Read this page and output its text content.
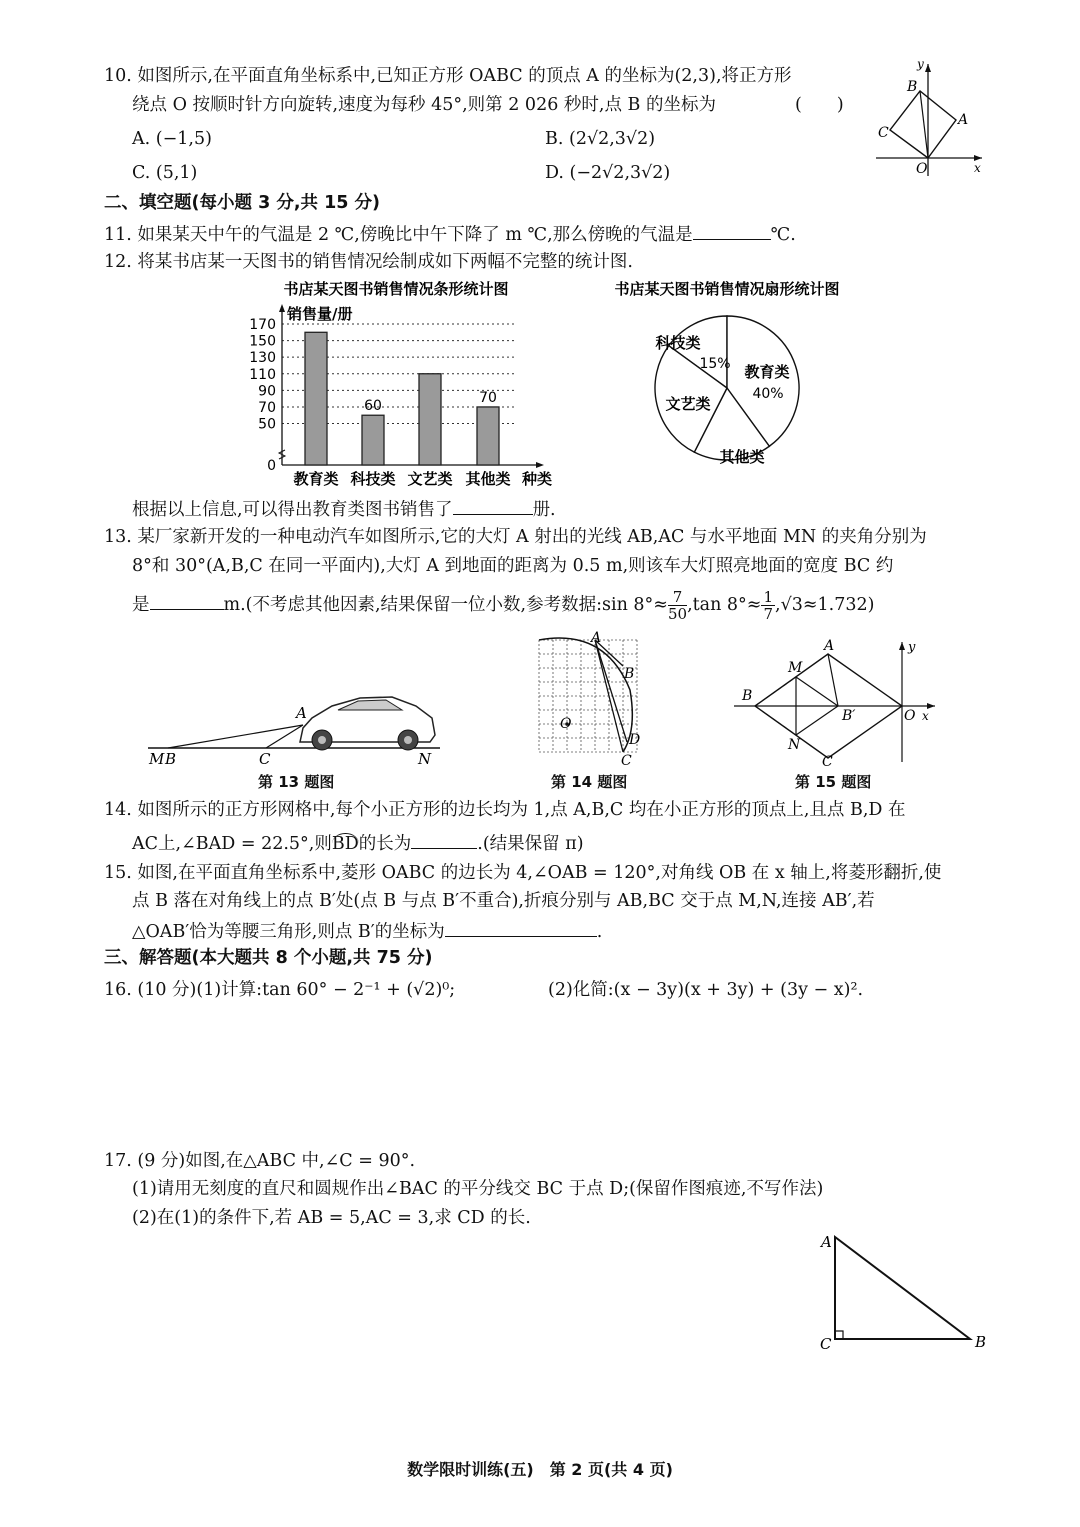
10. 如图所示,在平面直角坐标系中,已知正方形 OABC 的顶点 A 的坐标为(2,3),将正方形
绕点 O 按顺时针方向旋转,速度为每秒 45°,则第 2 026 秒时,点 B 的坐标为	(　　)
A. (−1,5)	B. (2√2,3√2)
C. (5,1)	D. (−2√2,3√2)
y
x
O
A
B
C
二、填空题(每小题 3 分,共 15 分)
11. 如果某天中午的气温是 2 ℃,傍晚比中午下降了 m ℃,那么傍晚的气温是	℃.
12. 将某书店某一天图书的销售情况绘制成如下两幅不完整的统计图.
书店某天图书销售情况条形统计图
销售量/册
种类
0
50
70
90
110
130
150
170
教育类 科技类 文艺类 其他类
60
70
书店某天图书销售情况扇形统计图
科技类
15% 教育类
40%
其他类
文艺类
根据以上信息,可以得出教育类图书销售了	册.
13. 某厂家新开发的一种电动汽车如图所示,它的大灯 A 射出的光线 AB,AC 与水平地面 MN 的夹角分别为
8°和 30°(A,B,C 在同一平面内),大灯 A 到地面的距离为 0.5 m,则该车大灯照亮地面的宽度 BC 约
是	m.(不考虑其他因素,结果保留一位小数,参考数据:sin $8^\circ\approx \frac{7}{50} ,\tan$ $8^\circ\approx \frac{1}{7} ,√3\approx 1.732$)
M B
A
C	N
A
B
O
C
D
M
A	y
B
B′	O x
N
C
第 13 题图	第 14 题图	第 15 题图
14. 如图所示的正方形网格中,每个小正方形的边长均为 1,点 A,B,C 均在小正方形的顶点上,且点 B,D 在
AC上,∠BAD = 22.5°,则BD的长为	.(结果保留 π)
15. 如图,在平面直角坐标系中,菱形 OABC 的边长为 4,∠OAB = 120°,对角线 OB 在 x 轴上,将菱形翻折,使
点 B 落在对角线上的点 B′处(点 B 与点 B′不重合),折痕分别与 AB,BC 交于点 M,N,连接 AB′,若
△OAB′恰为等腰三角形,则点 B′的坐标为	.
三、解答题(本大题共 8 个小题,共 75 分)
16. (10 分)(1)计算:tan 60° − 2⁻¹ + (√2)⁰;	(2)化简:(x − 3y)(x + 3y) + (3y − x)².
17. (9 分)如图,在△ABC 中,∠C = 90°.
(1)请用无刻度的直尺和圆规作出∠BAC 的平分线交 BC 于点 D;(保留作图痕迹,不写作法)
(2)在(1)的条件下,若 AB = 5,AC = 3,求 CD 的长.
A
C	B
数学限时训练(五)　第 2 页(共 4 页)
